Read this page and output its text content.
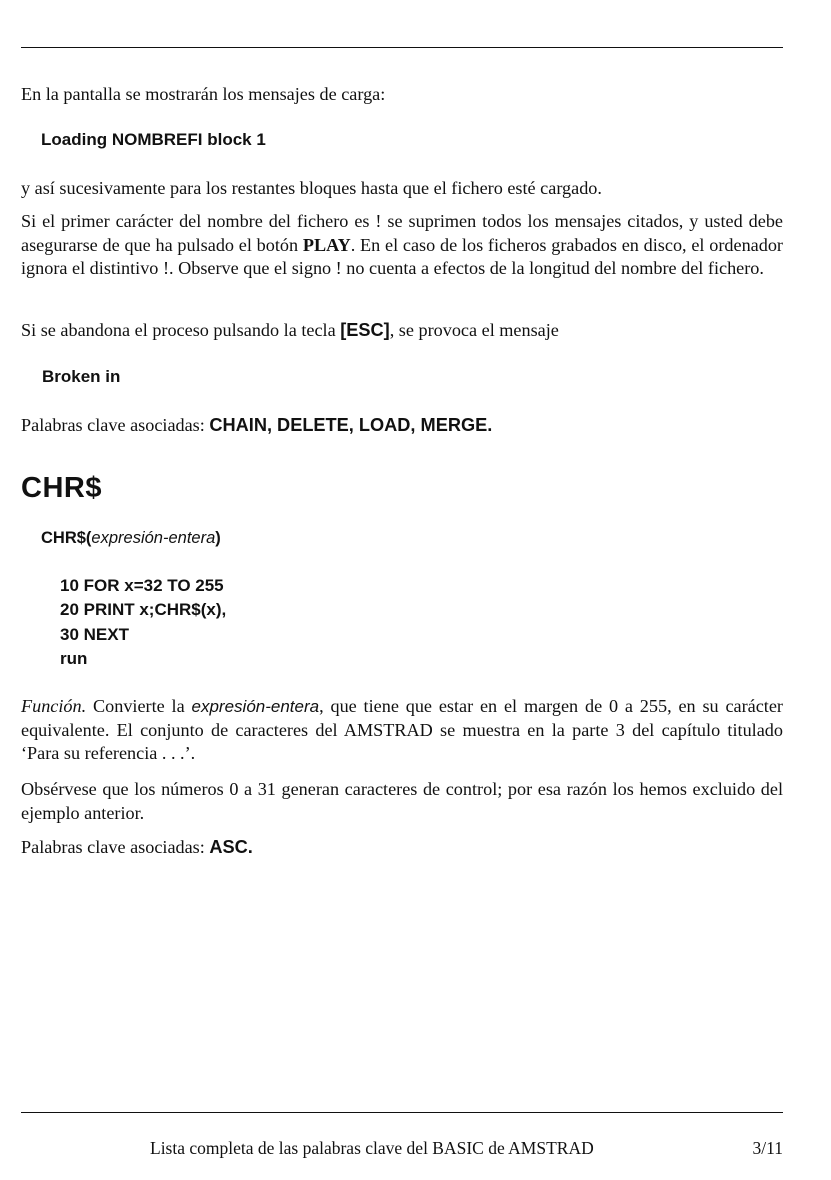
En la pantalla se mostrarán los mensajes de carga:

Loading NOMBREFI block 1

y así sucesivamente para los restantes bloques hasta que el fichero esté cargado.

Si el primer carácter del nombre del fichero es ! se suprimen todos los mensajes citados, y usted debe asegurarse de que ha pulsado el botón PLAY. En el caso de los ficheros grabados en disco, el ordenador ignora el distintivo !. Observe que el signo ! no cuenta a efectos de la longitud del nombre del fichero.

Si se abandona el proceso pulsando la tecla [ESC], se provoca el mensaje

Broken in

Palabras clave asociadas: CHAIN, DELETE, LOAD, MERGE.

CHR$

CHR$(expresión-entera)

10 FOR x=32 TO 255
20 PRINT x;CHR$(x),
30 NEXT
run

Función. Convierte la expresión-entera, que tiene que estar en el margen de 0 a 255, en su carácter equivalente. El conjunto de caracteres del AMSTRAD se muestra en la parte 3 del capítulo titulado ‘Para su referencia . . .’.

Obsérvese que los números 0 a 31 generan caracteres de control; por esa razón los hemos excluido del ejemplo anterior.

Palabras clave asociadas: ASC.

Lista completa de las palabras clave del BASIC de AMSTRAD	3/11
